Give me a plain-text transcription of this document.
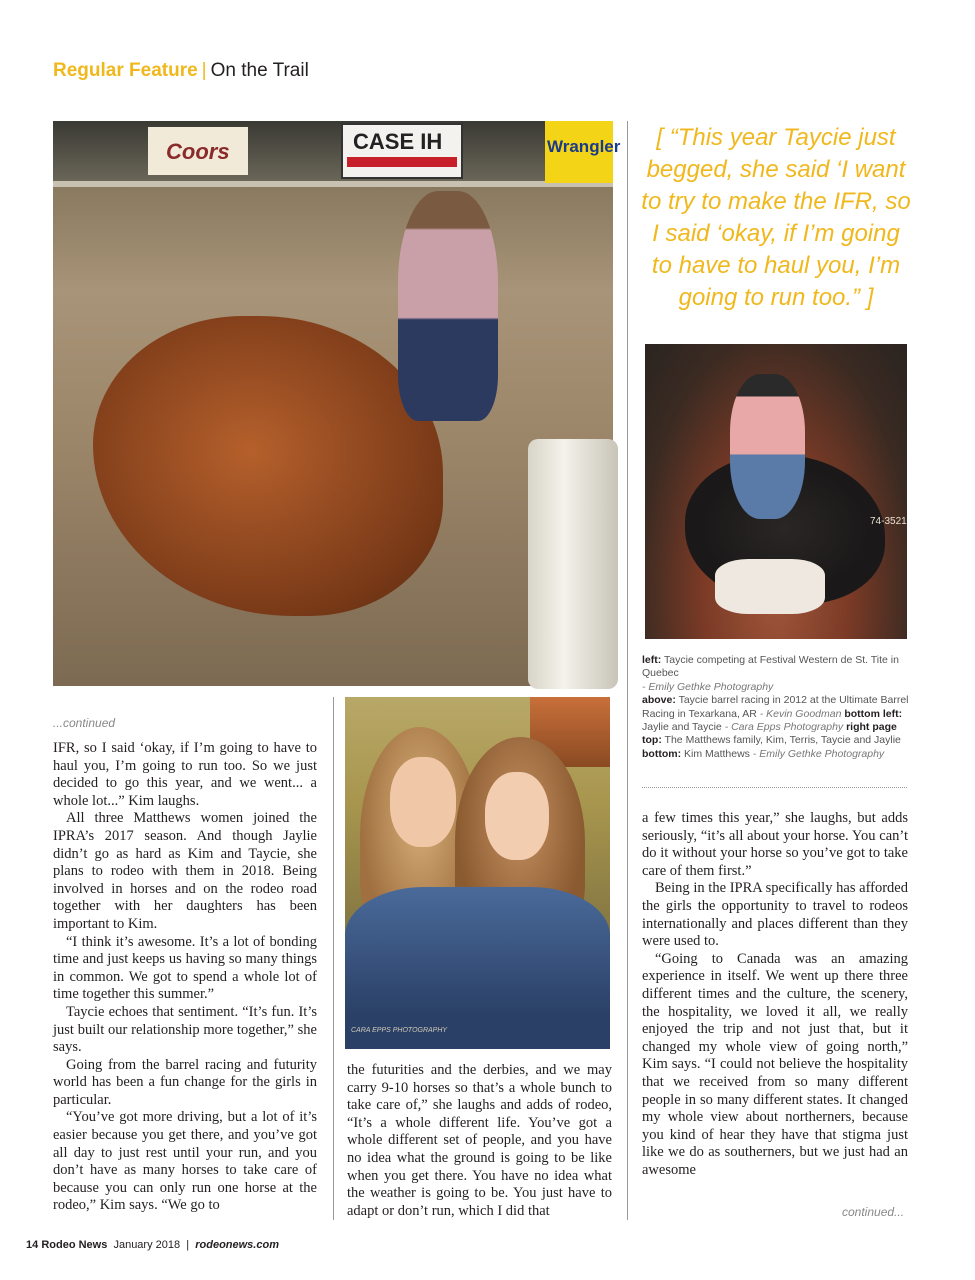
Regular Feature | On the Trail
Coors	CASE IH	Wrangler	[ “This year Taycie just begged, she said ‘I want to try to make the IFR, so I said ‘okay, if I’m going to have to haul you, I’m going to run too.” ]
74-3521
left: Taycie competing at Festival Western de St. Tite in Quebec
- Emily Gethke Photography
above: Taycie barrel racing in 2012 at the Ultimate Barrel Racing in Texarkana, AR - Kevin Goodman bottom left: Jaylie and Taycie - Cara Epps Photography right page top: The Matthews family, Kim, Terris, Taycie and Jaylie bottom: Kim Matthews - Emily Gethke Photography
CARA EPPS PHOTOGRAPHY
...continued

IFR, so I said ‘okay, if I’m going to have to haul you, I’m going to run too. So we just decided to go this year, and we went... a whole lot...” Kim laughs.

All three Matthews women joined the IPRA’s 2017 season. And though Jaylie didn’t go as hard as Kim and Taycie, she plans to rodeo with them in 2018. Being involved in horses and on the rodeo road together with her daughters has been important to Kim.

“I think it’s awesome. It’s a lot of bonding time and just keeps us having so many things in common. We got to spend a whole lot of time together this summer.”

Taycie echoes that sentiment. “It’s fun. It’s just built our relationship more together,” she says.

Going from the barrel racing and futurity world has been a fun change for the girls in particular.

“You’ve got more driving, but a lot of it’s easier because you get there, and you’ve got all day to just rest until your run, and you don’t have as many horses to take care of because you can only run one horse at the rodeo,” Kim says. “We go to

the futurities and the derbies, and we may carry 9-10 horses so that’s a whole bunch to take care of,” she laughs and adds of rodeo, “It’s a whole different life. You’ve got a whole different set of people, and you have no idea what the ground is going to be like when you get there. You have no idea what the weather is going to be. You just have to adapt or don’t run, which I did that

a few times this year,” she laughs, but adds seriously, “it’s all about your horse. You can’t do it without your horse so you’ve got to take care of them first.”

Being in the IPRA specifically has afforded the girls the opportunity to travel to rodeos internationally and places different than they were used to.

“Going to Canada was an amazing experience in itself. We went up there three different times and the culture, the scenery, the hospitality, we loved it all, we really enjoyed the trip and not just that, but it changed my whole view of going north,” Kim says. “I could not believe the hospitality that we received from so many different people in so many different states. It changed my whole view about northerners, because you kind of hear they have that stigma just like we do as southerners, but we just had an awesome

continued...
14 Rodeo News January 2018 | rodeonews.com
